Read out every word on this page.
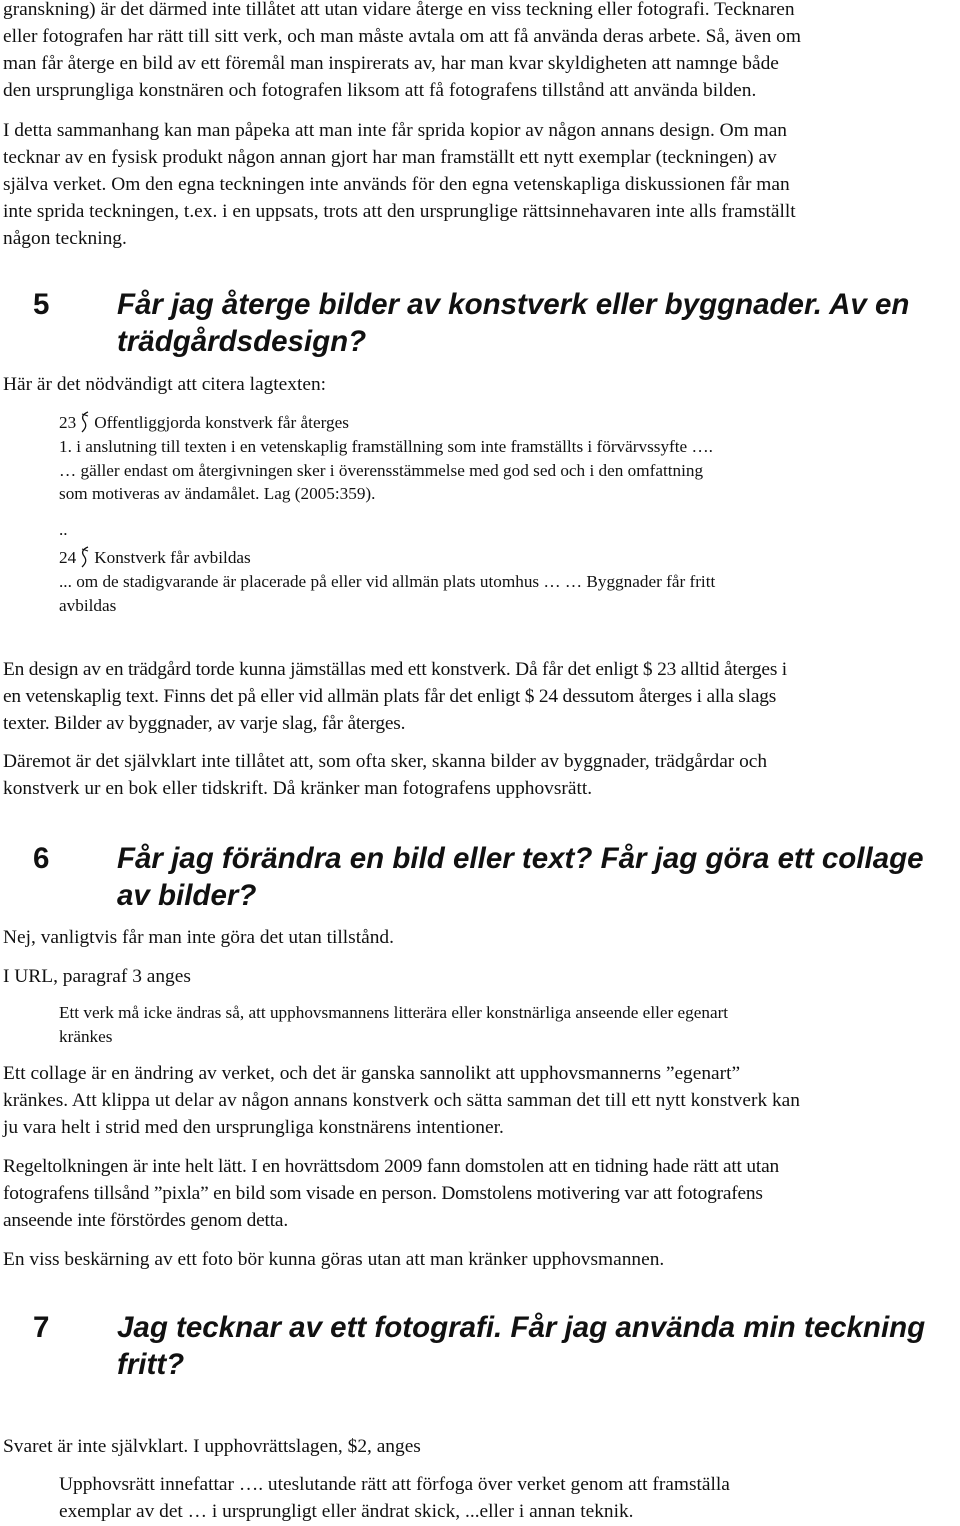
granskning) är det därmed inte tillåtet att utan vidare återge en viss teckning eller fotografi. Tecknaren
eller fotografen har rätt till sitt verk, och man måste avtala om att få använda deras arbete. Så, även om
man får återge en bild av ett föremål man inspirerats av, har man kvar skyldigheten att namnge både
den ursprungliga konstnären och fotografen liksom att få fotografens tillstånd att använda bilden.

I detta sammanhang kan man påpeka att man inte får sprida kopior av någon annans design. Om man
tecknar av en fysisk produkt någon annan gjort har man framställt ett nytt exemplar (teckningen) av
själva verket. Om den egna teckningen inte används för den egna vetenskapliga diskussionen får man
inte sprida teckningen, t.ex. i en uppsats, trots att den ursprunglige rättsinnehavaren inte alls framställt
någon teckning.

5 Får jag återge bilder av konstverk eller byggnader. Av en trädgårdsdesign?

Här är det nödvändigt att citera lagtexten:

23 Offentliggjorda konstverk får återges

1. i anslutning till texten i en vetenskaplig framställning som inte framställts i förvärvssyfte ….
… gäller endast om återgivningen sker i överensstämmelse med god sed och i den omfattning
som motiveras av ändamålet. Lag (2005:359).

..

24 Konstverk får avbildas

... om de stadigvarande är placerade på eller vid allmän plats utomhus … … Byggnader får fritt
avbildas

En design av en trädgård torde kunna jämställas med ett konstverk. Då får det enligt $ 23 alltid återges i
en vetenskaplig text. Finns det på eller vid allmän plats får det enligt $ 24 dessutom återges i alla slags
texter. Bilder av byggnader, av varje slag, får återges.

Däremot är det självklart inte tillåtet att, som ofta sker, skanna bilder av byggnader, trädgårdar och
konstverk ur en bok eller tidskrift. Då kränker man fotografens upphovsrätt.

6 Får jag förändra en bild eller text? Får jag göra ett collage av bilder?

Nej, vanligtvis får man inte göra det utan tillstånd.

I URL, paragraf 3 anges

Ett verk må icke ändras så, att upphovsmannens litterära eller konstnärliga anseende eller egenart
kränkes

Ett collage är en ändring av verket, och det är ganska sannolikt att upphovsmannerns ”egenart”
kränkes. Att klippa ut delar av någon annans konstverk och sätta samman det till ett nytt konstverk kan
ju vara helt i strid med den ursprungliga konstnärens intentioner.

Regeltolkningen är inte helt lätt. I en hovrättsdom 2009 fann domstolen att en tidning hade rätt att utan
fotografens tillsånd ”pixla” en bild som visade en person. Domstolens motivering var att fotografens
anseende inte förstördes genom detta.

En viss beskärning av ett foto bör kunna göras utan att man kränker upphovsmannen.

7 Jag tecknar av ett fotografi. Får jag använda min teckning fritt?

Svaret är inte självklart. I upphovrättslagen, $2, anges

Upphovsrätt innefattar …. uteslutande rätt att förfoga över verket genom att framställa
exemplar av det … i ursprungligt eller ändrat skick, ...eller i annan teknik.
